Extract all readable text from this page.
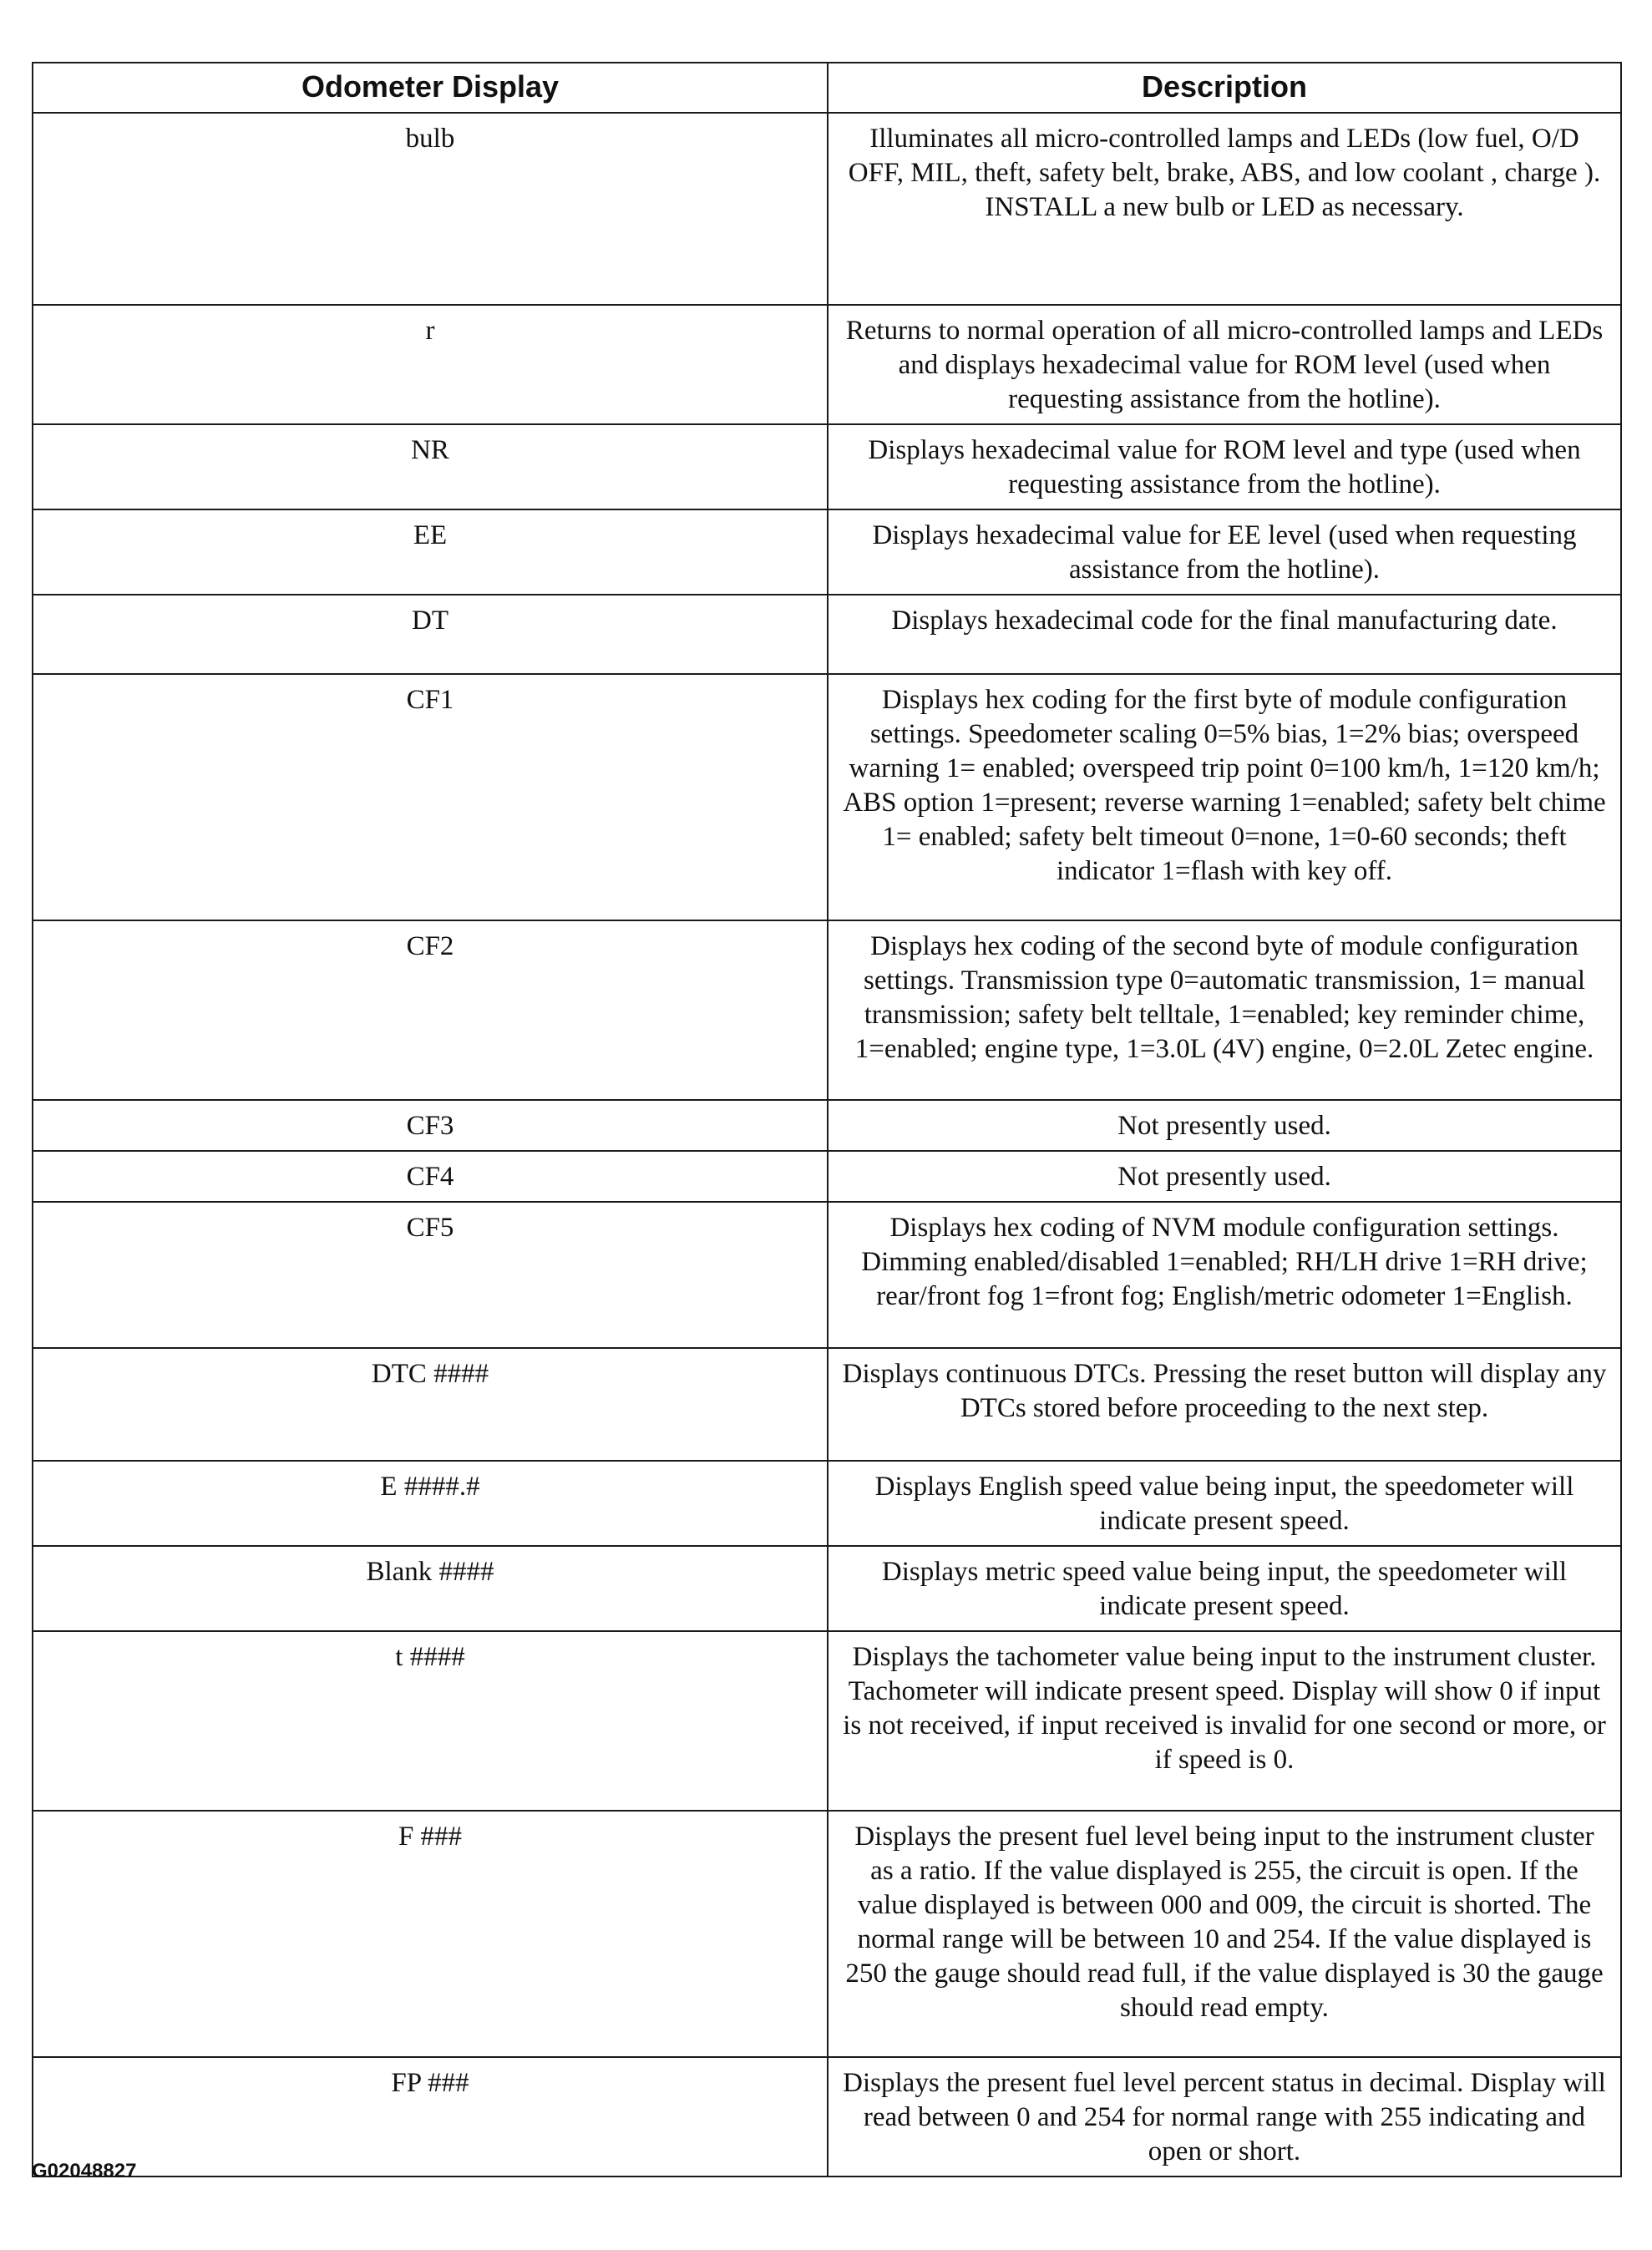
Odometer Display	Description
bulb	Illuminates all micro-controlled lamps and LEDs (low fuel, O/D OFF, MIL, theft, safety belt, brake, ABS, and low coolant , charge ). INSTALL a new bulb or LED as necessary.
r	Returns to normal operation of all micro-controlled lamps and LEDs and displays hexadecimal value for ROM level (used when requesting assistance from the hotline).
NR	Displays hexadecimal value for ROM level and type (used when requesting assistance from the hotline).
EE	Displays hexadecimal value for EE level (used when requesting assistance from the hotline).
DT	Displays hexadecimal code for the final manufacturing date.
CF1	Displays hex coding for the first byte of module configuration settings. Speedometer scaling 0=5% bias, 1=2% bias; overspeed warning 1= enabled; overspeed trip point 0=100 km/h, 1=120 km/h; ABS option 1=present; reverse warning 1=enabled; safety belt chime 1= enabled; safety belt timeout 0=none, 1=0-60 seconds; theft indicator 1=flash with key off.
CF2	Displays hex coding of the second byte of module configuration settings. Transmission type 0=automatic transmission, 1= manual transmission; safety belt telltale, 1=enabled; key reminder chime, 1=enabled; engine type, 1=3.0L (4V) engine, 0=2.0L Zetec engine.
CF3	Not presently used.
CF4	Not presently used.
CF5	Displays hex coding of NVM module configuration settings. Dimming enabled/disabled 1=enabled; RH/LH drive 1=RH drive; rear/front fog 1=front fog; English/metric odometer 1=English.
DTC ####	Displays continuous DTCs. Pressing the reset button will display any DTCs stored before proceeding to the next step.
E ####.#	Displays English speed value being input, the speedometer will indicate present speed.
Blank ####	Displays metric speed value being input, the speedometer will indicate present speed.
t ####	Displays the tachometer value being input to the instrument cluster. Tachometer will indicate present speed. Display will show 0 if input is not received, if input received is invalid for one second or more, or if speed is 0.
F ###	Displays the present fuel level being input to the instrument cluster as a ratio. If the value displayed is 255, the circuit is open. If the value displayed is between 000 and 009, the circuit is shorted. The normal range will be between 10 and 254. If the value displayed is 250 the gauge should read full, if the value displayed is 30 the gauge should read empty.
FP ###	Displays the present fuel level percent status in decimal. Display will read between 0 and 254 for normal range with 255 indicating and open or short.
G02048827
